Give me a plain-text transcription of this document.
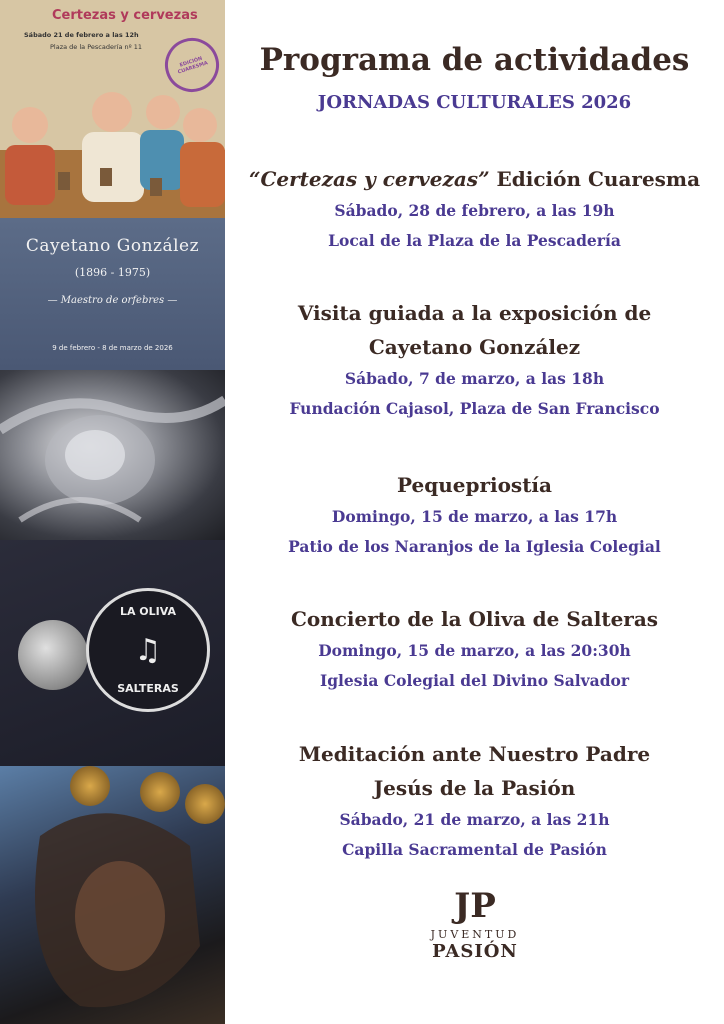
Certezas y cervezas
Sábado 21 de febrero a las 12h
Plaza de la Pescadería nº 11
EDICIÓN CUARESMA
Cayetano González
(1896 - 1975)
— Maestro de orfebres —
9 de febrero - 8 de marzo de 2026
LA OLIVA
♫
SALTERAS
Programa de actividades
JORNADAS CULTURALES 2026
“Certezas y cervezas” Edición Cuaresma
Sábado, 28 de febrero, a las 19h
Local de la Plaza de la Pescadería
Visita guiada a la exposición de
Cayetano González
Sábado, 7 de marzo, a las 18h
Fundación Cajasol, Plaza de San Francisco
Pequepriostía
Domingo, 15 de marzo, a las 17h
Patio de los Naranjos de la Iglesia Colegial
Concierto de la Oliva de Salteras
Domingo, 15 de marzo, a las 20:30h
Iglesia Colegial del Divino Salvador
Meditación ante Nuestro Padre
Jesús de la Pasión
Sábado, 21 de marzo, a las 21h
Capilla Sacramental de Pasión
JP
JUVENTUD
PASIÓN
